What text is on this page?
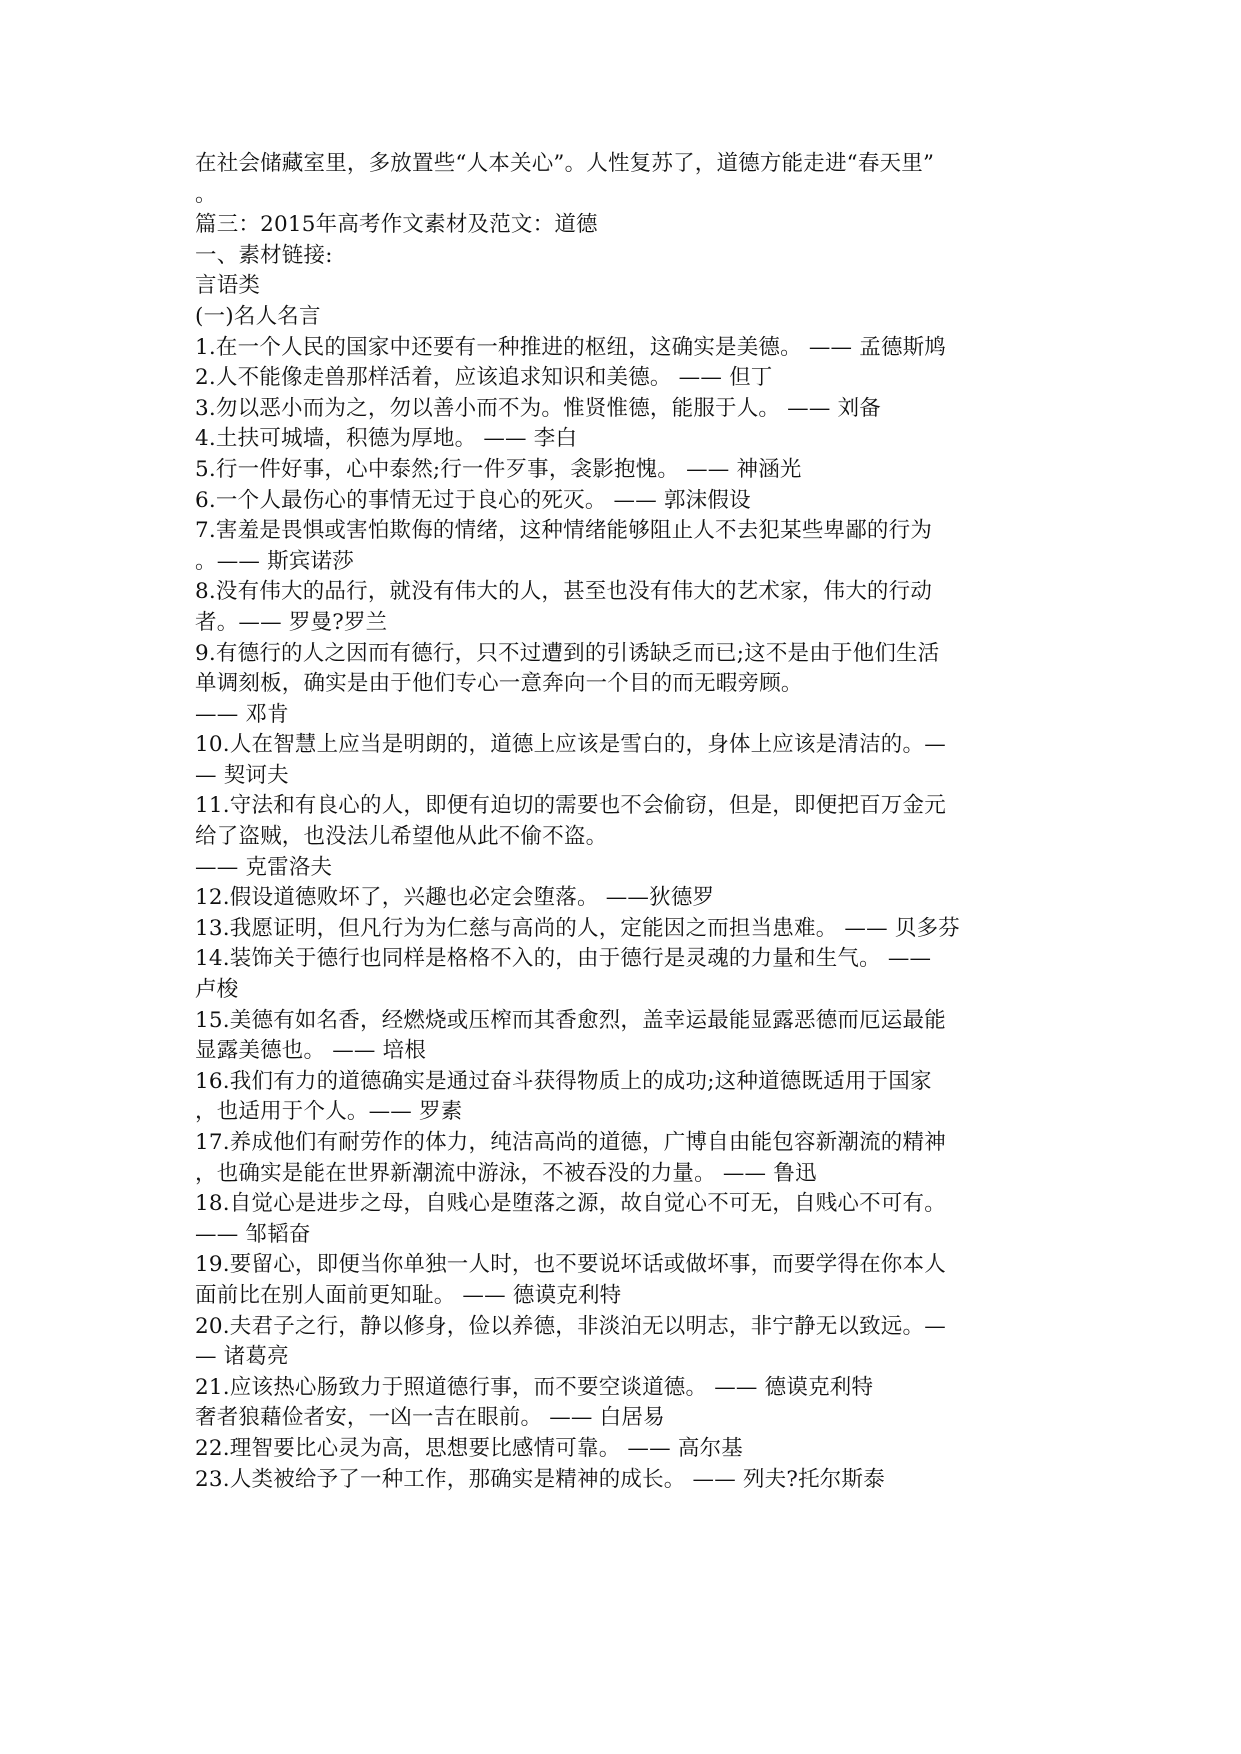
在社会储藏室里，多放置些“人本关心”。人性复苏了，道德方能走进“春天里”
。
篇三：2015年高考作文素材及范文：道德
一、素材链接:
言语类
(一)名人名言
1.在一个人民的国家中还要有一种推进的枢纽，这确实是美德。 —— 孟德斯鸠
2.人不能像走兽那样活着，应该追求知识和美德。 —— 但丁
3.勿以恶小而为之，勿以善小而不为。惟贤惟德，能服于人。 —— 刘备
4.土扶可城墙，积德为厚地。 —— 李白
5.行一件好事，心中泰然;行一件歹事，衾影抱愧。 —— 神涵光
6.一个人最伤心的事情无过于良心的死灭。 —— 郭沫假设
7.害羞是畏惧或害怕欺侮的情绪，这种情绪能够阻止人不去犯某些卑鄙的行为
。—— 斯宾诺莎
8.没有伟大的品行，就没有伟大的人，甚至也没有伟大的艺术家，伟大的行动
者。—— 罗曼?罗兰
9.有德行的人之因而有德行，只不过遭到的引诱缺乏而已;这不是由于他们生活
单调刻板，确实是由于他们专心一意奔向一个目的而无暇旁顾。
—— 邓肯
10.人在智慧上应当是明朗的，道德上应该是雪白的，身体上应该是清洁的。—
— 契诃夫
11.守法和有良心的人，即便有迫切的需要也不会偷窃，但是，即便把百万金元
给了盗贼，也没法儿希望他从此不偷不盗。
—— 克雷洛夫
12.假设道德败坏了，兴趣也必定会堕落。 ——狄德罗
13.我愿证明，但凡行为为仁慈与高尚的人，定能因之而担当患难。 —— 贝多芬
14.装饰关于德行也同样是格格不入的，由于德行是灵魂的力量和生气。 ——
卢梭
15.美德有如名香，经燃烧或压榨而其香愈烈，盖幸运最能显露恶德而厄运最能
显露美德也。 —— 培根
16.我们有力的道德确实是通过奋斗获得物质上的成功;这种道德既适用于国家
，也适用于个人。—— 罗素
17.养成他们有耐劳作的体力，纯洁高尚的道德，广博自由能包容新潮流的精神
，也确实是能在世界新潮流中游泳，不被吞没的力量。 —— 鲁迅
18.自觉心是进步之母，自贱心是堕落之源，故自觉心不可无，自贱心不可有。
—— 邹韬奋
19.要留心，即便当你单独一人时，也不要说坏话或做坏事，而要学得在你本人
面前比在别人面前更知耻。 —— 德谟克利特
20.夫君子之行，静以修身，俭以养德，非淡泊无以明志，非宁静无以致远。—
— 诸葛亮
21.应该热心肠致力于照道德行事，而不要空谈道德。 —— 德谟克利特
奢者狼藉俭者安，一凶一吉在眼前。 —— 白居易
22.理智要比心灵为高，思想要比感情可靠。 —— 高尔基
23.人类被给予了一种工作，那确实是精神的成长。 —— 列夫?托尔斯泰
